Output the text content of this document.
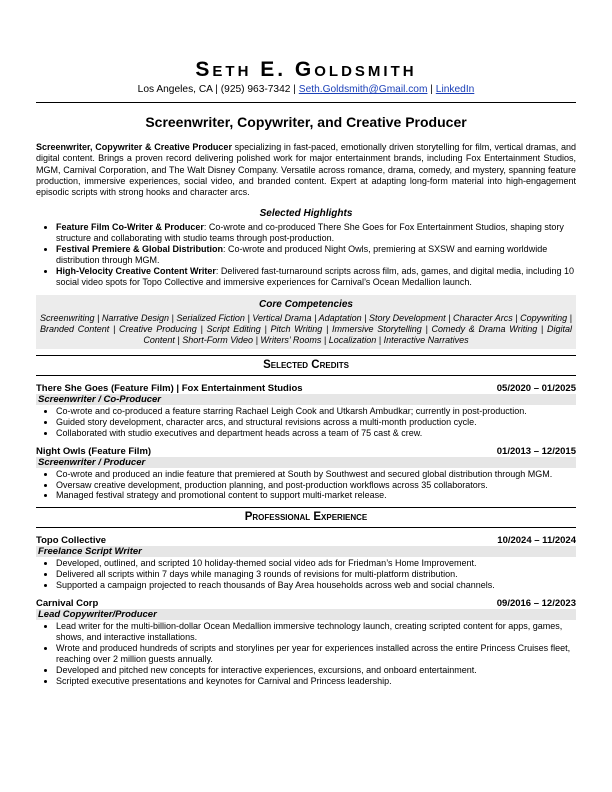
Seth E. Goldsmith
Los Angeles, CA | (925) 963-7342 | Seth.Goldsmith@Gmail.com | LinkedIn
Screenwriter, Copywriter, and Creative Producer
Screenwriter, Copywriter & Creative Producer specializing in fast-paced, emotionally driven storytelling for film, vertical dramas, and digital content. Brings a proven record delivering polished work for major entertainment brands, including Fox Entertainment Studios, MGM, Carnival Corporation, and The Walt Disney Company. Versatile across romance, drama, comedy, and mystery, spanning feature production, immersive experiences, social video, and branded content. Expert at adapting long-form material into high-engagement episodic scripts with strong hooks and character arcs.
Selected Highlights
• Feature Film Co-Writer & Producer: Co-wrote and co-produced There She Goes for Fox Entertainment Studios, shaping story structure and collaborating with studio teams through post-production.
• Festival Premiere & Global Distribution: Co-wrote and produced Night Owls, premiering at SXSW and earning worldwide distribution through MGM.
• High-Velocity Creative Content Writer: Delivered fast-turnaround scripts across film, ads, games, and digital media, including 10 social video spots for Topo Collective and immersive experiences for Carnival’s Ocean Medallion launch.
Core Competencies
Screenwriting | Narrative Design | Serialized Fiction | Vertical Drama | Adaptation | Story Development | Character Arcs | Copywriting | Branded Content | Creative Producing | Script Editing | Pitch Writing | Immersive Storytelling | Comedy & Drama Writing | Digital Content | Short-Form Video | Writers’ Rooms | Localization | Interactive Narratives
Selected Credits
There She Goes (Feature Film) | Fox Entertainment Studios	05/2020 – 01/2025
Screenwriter / Co-Producer
• Co-wrote and co-produced a feature starring Rachael Leigh Cook and Utkarsh Ambudkar; currently in post-production.
• Guided story development, character arcs, and structural revisions across a multi-month production cycle.
• Collaborated with studio executives and department heads across a team of 75 cast & crew.
Night Owls (Feature Film)	01/2013 – 12/2015
Screenwriter / Producer
• Co-wrote and produced an indie feature that premiered at South by Southwest and secured global distribution through MGM.
• Oversaw creative development, production planning, and post-production workflows across 35 collaborators.
• Managed festival strategy and promotional content to support multi-market release.
Professional Experience
Topo Collective	10/2024 – 11/2024
Freelance Script Writer
• Developed, outlined, and scripted 10 holiday-themed social video ads for Friedman’s Home Improvement.
• Delivered all scripts within 7 days while managing 3 rounds of revisions for multi-platform distribution.
• Supported a campaign projected to reach thousands of Bay Area households across web and social channels.
Carnival Corp	09/2016 – 12/2023
Lead Copywriter/Producer
• Lead writer for the multi-billion-dollar Ocean Medallion immersive technology launch, creating scripted content for apps, games, shows, and interactive installations.
• Wrote and produced hundreds of scripts and storylines per year for experiences installed across the entire Princess Cruises fleet, reaching over 2 million guests annually.
• Developed and pitched new concepts for interactive experiences, excursions, and onboard entertainment.
• Scripted executive presentations and keynotes for Carnival and Princess leadership.
